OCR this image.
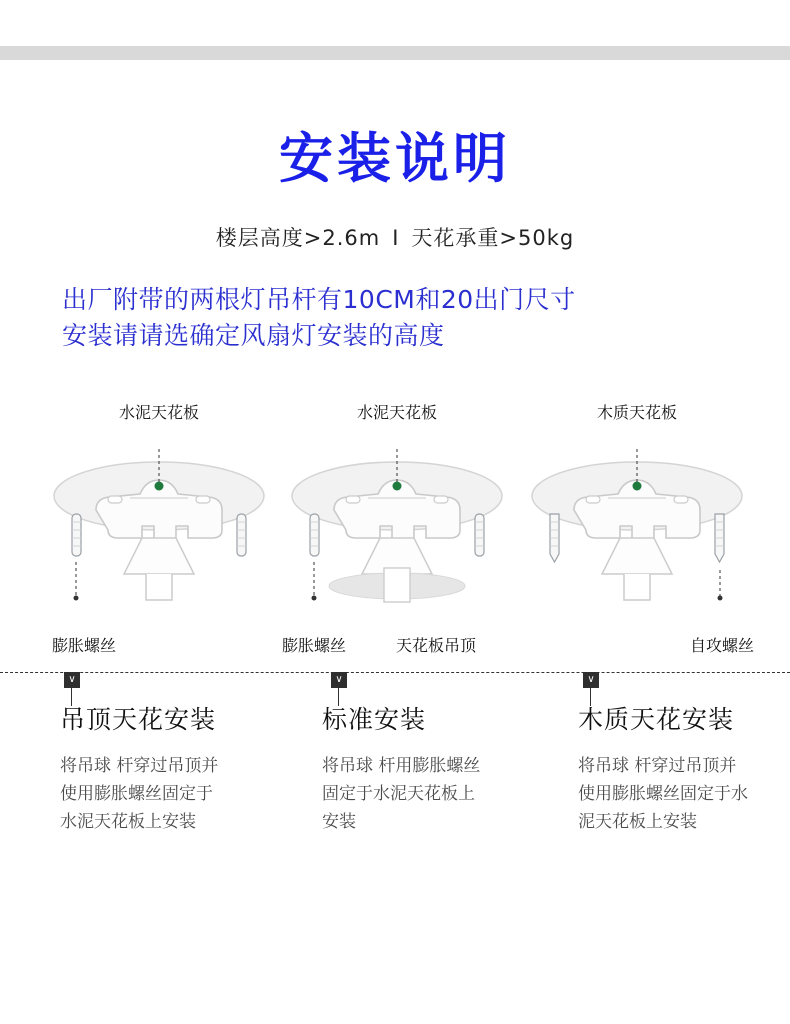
安装说明
楼层高度>2.6m I 天花承重>50kg
出厂附带的两根灯吊杆有10CM和20出门尺寸
安装请请选确定风扇灯安装的高度
水泥天花板
膨胀螺丝
水泥天花板
膨胀螺丝	天花板吊顶
木质天花板
自攻螺丝
∨	∨	∨
吊顶天花安装
将吊球 杆穿过吊顶并使用膨胀螺丝固定于水泥天花板上安装
标准安装
将吊球 杆用膨胀螺丝固定于水泥天花板上安装
木质天花安装
将吊球 杆穿过吊顶并使用膨胀螺丝固定于水泥天花板上安装
